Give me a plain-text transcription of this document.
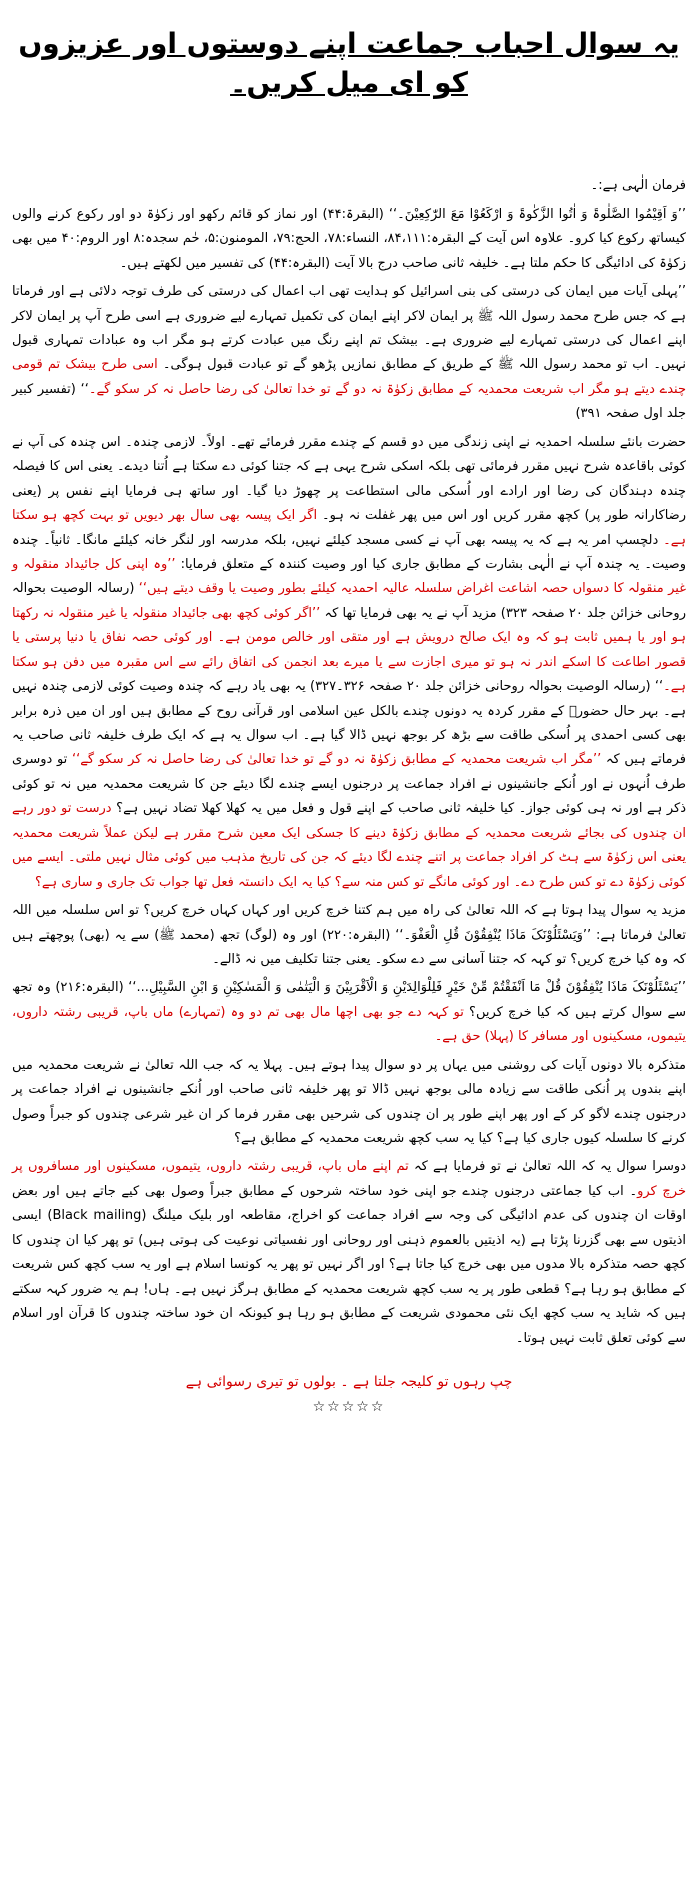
یہ سوال احباب جماعت اپنے دوستوں اور عزیزوں کو ای میل کریں۔

فرمان الٰہی ہے:۔

’’وَ اَقِیْمُوا الصَّلٰوۃَ وَ اٰتُوا الزَّکٰوۃَ وَ ارْکَعُوْا مَعَ الرّٰکِعِیْنَ۔‘‘ (البقرۃ:۴۴) اور نماز کو قائم رکھو اور زکوٰۃ دو اور رکوع کرنے والوں کیساتھ رکوع کیا کرو۔ علاوہ اس آیت کے البقرہ:۸۴،۱۱۱، النساء:۷۸، الحج:۷۹، المومنون:۵، حٰم سجدہ:۸ اور الروم:۴۰ میں بھی زکوٰۃ کی ادائیگی کا حکم ملتا ہے۔ خلیفہ ثانی صاحب درج بالا آیت (البقرہ:۴۴) کی تفسیر میں لکھتے ہیں۔

’’پہلی آیات میں ایمان کی درستی کی بنی اسرائیل کو ہدایت تھی اب اعمال کی درستی کی طرف توجہ دلائی ہے اور فرماتا ہے کہ جس طرح محمد رسول اللہ ﷺ پر ایمان لاکر اپنے ایمان کی تکمیل تمہارے لیے ضروری ہے اسی طرح آپ پر ایمان لاکر اپنے اعمال کی درستی تمہارے لیے ضروری ہے۔ بیشک تم اپنے رنگ میں عبادت کرتے ہو مگر اب وہ عبادات تمہاری قبول نہیں۔ اب تو محمد رسول اللہ ﷺ کے طریق کے مطابق نمازیں پڑھو گے تو عبادت قبول ہوگی۔ اسی طرح بیشک تم قومی چندے دیتے ہو مگر اب شریعت محمدیہ کے مطابق زکوٰۃ نہ دو گے تو خدا تعالیٰ کی رضا حاصل نہ کر سکو گے۔‘‘ (تفسیر کبیر جلد اول صفحہ ۳۹۱)

حضرت بانئے سلسلہ احمدیہ نے اپنی زندگی میں دو قسم کے چندے مقرر فرمائے تھے۔ اولاً۔ لازمی چندہ۔ اس چندہ کی آپ نے کوئی باقاعدہ شرح نہیں مقرر فرمائی تھی بلکہ اسکی شرح یہی ہے کہ جتنا کوئی دے سکتا ہے اُتنا دیدے۔ یعنی اس کا فیصلہ چندہ دہندگان کی رضا اور ارادے اور اُسکی مالی استطاعت پر چھوڑ دیا گیا۔ اور ساتھ ہی فرمایا اپنے نفس پر (یعنی رضاکارانہ طور پر) کچھ مقرر کریں اور اس میں پھر غفلت نہ ہو۔ اگر ایک پیسہ بھی سال بھر دیویں تو بہت کچھ ہو سکتا ہے۔ دلچسپ امر یہ ہے کہ یہ پیسہ بھی آپ نے کسی مسجد کیلئے نہیں، بلکہ مدرسہ اور لنگر خانہ کیلئے مانگا۔ ثانیاً۔ چندہ وصیت۔ یہ چندہ آپ نے الٰہی بشارت کے مطابق جاری کیا اور وصیت کنندہ کے متعلق فرمایا: ’’وہ اپنی کل جائیداد منقولہ و غیر منقولہ کا دسواں حصہ اشاعت اغراض سلسلہ عالیہ احمدیہ کیلئے بطور وصیت یا وقف دیتے ہیں‘‘ (رسالہ الوصیت بحوالہ روحانی خزائن جلد ۲۰ صفحہ ۳۲۳) مزید آپ نے یہ بھی فرمایا تھا کہ ’’اگر کوئی کچھ بھی جائیداد منقولہ یا غیر منقولہ نہ رکھتا ہو اور یا ہمیں ثابت ہو کہ وہ ایک صالح درویش ہے اور متقی اور خالص مومن ہے۔ اور کوئی حصہ نفاق یا دنیا پرستی یا قصور اطاعت کا اسکے اندر نہ ہو تو میری اجازت سے یا میرے بعد انجمن کی اتفاق رائے سے اس مقبرہ میں دفن ہو سکتا ہے۔‘‘ (رسالہ الوصیت بحوالہ روحانی خزائن جلد ۲۰ صفحہ ۳۲۶۔۳۲۷) یہ بھی یاد رہے کہ چندہ وصیت کوئی لازمی چندہ نہیں ہے۔ بہر حال حضورؑ کے مقرر کردہ یہ دونوں چندے بالکل عین اسلامی اور قرآنی روح کے مطابق ہیں اور ان میں ذرہ برابر بھی کسی احمدی پر اُسکی طاقت سے بڑھ کر بوجھ نہیں ڈالا گیا ہے۔ اب سوال یہ ہے کہ ایک طرف خلیفہ ثانی صاحب یہ فرماتے ہیں کہ ’’مگر اب شریعت محمدیہ کے مطابق زکوٰۃ نہ دو گے تو خدا تعالیٰ کی رضا حاصل نہ کر سکو گے‘‘ تو دوسری طرف اُنہوں نے اور اُنکے جانشینوں نے افراد جماعت پر درجنوں ایسے چندے لگا دیئے جن کا شریعت محمدیہ میں نہ تو کوئی ذکر ہے اور نہ ہی کوئی جواز۔ کیا خلیفہ ثانی صاحب کے اپنے قول و فعل میں یہ کھلا کھلا تضاد نہیں ہے؟ درست تو دور رہے ان چندوں کی بجائے شریعت محمدیہ کے مطابق زکوٰۃ دینے کا جسکی ایک معین شرح مقرر ہے لیکن عملاً شریعت محمدیہ یعنی اس زکوٰۃ سے ہٹ کر افراد جماعت پر اتنے چندے لگا دیئے کہ جن کی تاریخ مذہب میں کوئی مثال نہیں ملتی۔ ایسے میں کوئی زکوٰۃ دے تو کس طرح دے۔ اور کوئی مانگے تو کس منہ سے؟ کیا یہ ایک دانستہ فعل تھا جواب تک جاری و ساری ہے؟

مزید یہ سوال پیدا ہوتا ہے کہ اللہ تعالیٰ کی راہ میں ہم کتنا خرچ کریں اور کہاں کہاں خرچ کریں؟ تو اس سلسلہ میں اللہ تعالیٰ فرماتا ہے: ’’وَیَسْئَلُوْنَکَ مَاذَا یُنْفِقُوْنَ قُلِ الْعَفْوَ۔‘‘ (البقرہ:۲۲۰) اور وہ (لوگ) تجھ (محمد ﷺ) سے یہ (بھی) پوچھتے ہیں کہ وہ کیا خرچ کریں؟ تو کہہ کہ جتنا آسانی سے دے سکو۔ یعنی جتنا تکلیف میں نہ ڈالے۔

’’یَسْئَلُوْنَکَ مَاذَا یُنْفِقُوْنَ قُلْ مَا اَنْفَقْتُمْ مِّنْ خَیْرٍ فَلِلْوَالِدَیْنِ وَ الْاَقْرَبِیْنَ وَ الْیَتٰمٰی وَ الْمَسٰکِیْنِ وَ ابْنِ السَّبِیْلِ...‘‘ (البقرہ:۲۱۶) وہ تجھ سے سوال کرتے ہیں کہ کیا خرچ کریں؟ تو کہہ دے جو بھی اچھا مال بھی تم دو وہ (تمہارے) ماں باپ، قریبی رشتہ داروں، یتیموں، مسکینوں اور مسافر کا (پہلا) حق ہے۔

متذکرہ بالا دونوں آیات کی روشنی میں یہاں پر دو سوال پیدا ہوتے ہیں۔ پہلا یہ کہ جب اللہ تعالیٰ نے شریعت محمدیہ میں اپنے بندوں پر اُنکی طاقت سے زیادہ مالی بوجھ نہیں ڈالا تو پھر خلیفہ ثانی صاحب اور اُنکے جانشینوں نے افراد جماعت پر درجنوں چندے لاگو کر کے اور پھر اپنے طور پر ان چندوں کی شرحیں بھی مقرر فرما کر ان غیر شرعی چندوں کو جبراً وصول کرنے کا سلسلہ کیوں جاری کیا ہے؟ کیا یہ سب کچھ شریعت محمدیہ کے مطابق ہے؟

دوسرا سوال یہ کہ اللہ تعالیٰ نے تو فرمایا ہے کہ تم اپنے ماں باپ، قریبی رشتہ داروں، یتیموں، مسکینوں اور مسافروں پر خرچ کرو۔ اب کیا جماعتی درجنوں چندے جو اپنی خود ساختہ شرحوں کے مطابق جبراً وصول بھی کیے جاتے ہیں اور بعض اوقات ان چندوں کی عدم ادائیگی کی وجہ سے افراد جماعت کو اخراج، مقاطعہ اور بلیک میلنگ (Black mailing) ایسی اذیتوں سے بھی گزرنا پڑتا ہے (یہ اذیتیں بالعموم ذہنی اور روحانی اور نفسیاتی نوعیت کی ہوتی ہیں) تو پھر کیا ان چندوں کا کچھ حصہ متذکرہ بالا مدوں میں بھی خرچ کیا جاتا ہے؟ اور اگر نہیں تو پھر یہ کونسا اسلام ہے اور یہ سب کچھ کس شریعت کے مطابق ہو رہا ہے؟ قطعی طور پر یہ سب کچھ شریعت محمدیہ کے مطابق ہرگز نہیں ہے۔ ہاں! ہم یہ ضرور کہہ سکتے ہیں کہ شاید یہ سب کچھ ایک نئی محمودی شریعت کے مطابق ہو رہا ہو کیونکہ ان خود ساختہ چندوں کا قرآن اور اسلام سے کوئی تعلق ثابت نہیں ہوتا۔

چپ رہوں تو کلیجہ جلتا ہے ۔ بولوں تو تیری رسوائی ہے
☆☆☆☆☆
